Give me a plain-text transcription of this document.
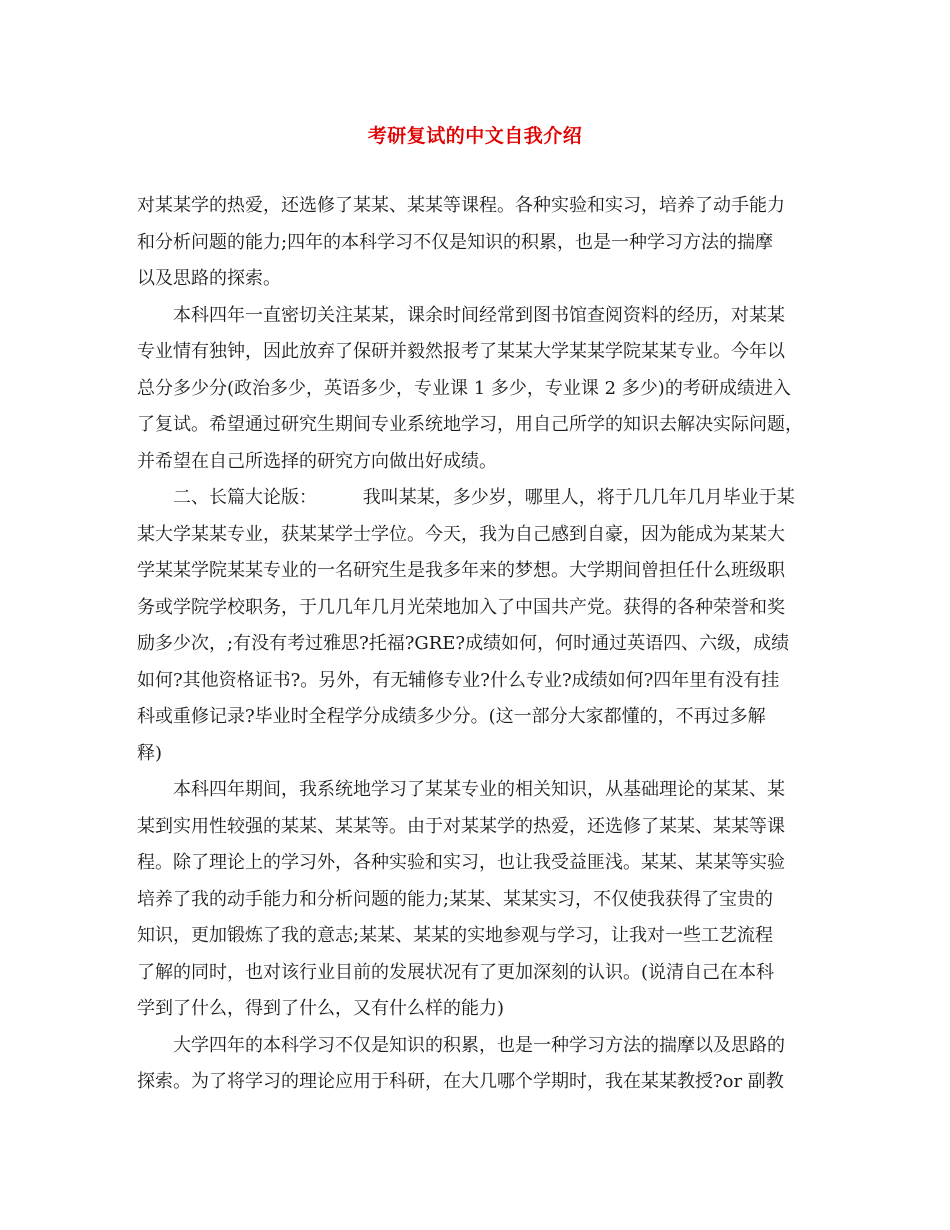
考研复试的中文自我介绍
对某某学的热爱，还选修了某某、某某等课程。各种实验和实习，培养了动手能力
和分析问题的能力;四年的本科学习不仅是知识的积累，也是一种学习方法的揣摩
以及思路的探索。
本科四年一直密切关注某某，课余时间经常到图书馆查阅资料的经历，对某某
专业情有独钟，因此放弃了保研并毅然报考了某某大学某某学院某某专业。今年以
总分多少分(政治多少，英语多少，专业课 1 多少，专业课 2 多少)的考研成绩进入
了复试。希望通过研究生期间专业系统地学习，用自己所学的知识去解决实际问题，
并希望在自己所选择的研究方向做出好成绩。
二、长篇大论版：        我叫某某，多少岁，哪里人，将于几几年几月毕业于某
某大学某某专业，获某某学士学位。今天，我为自己感到自豪，因为能成为某某大
学某某学院某某专业的一名研究生是我多年来的梦想。大学期间曾担任什么班级职
务或学院学校职务，于几几年几月光荣地加入了中国共产党。获得的各种荣誉和奖
励多少次，;有没有考过雅思?托福?GRE?成绩如何，何时通过英语四、六级，成绩
如何?其他资格证书?。另外，有无辅修专业?什么专业?成绩如何?四年里有没有挂
科或重修记录?毕业时全程学分成绩多少分。(这一部分大家都懂的，不再过多解
释)
本科四年期间，我系统地学习了某某专业的相关知识，从基础理论的某某、某
某到实用性较强的某某、某某等。由于对某某学的热爱，还选修了某某、某某等课
程。除了理论上的学习外，各种实验和实习，也让我受益匪浅。某某、某某等实验
培养了我的动手能力和分析问题的能力;某某、某某实习，不仅使我获得了宝贵的
知识，更加锻炼了我的意志;某某、某某的实地参观与学习，让我对一些工艺流程
了解的同时，也对该行业目前的发展状况有了更加深刻的认识。(说清自己在本科
学到了什么，得到了什么，又有什么样的能力)
大学四年的本科学习不仅是知识的积累，也是一种学习方法的揣摩以及思路的
探索。为了将学习的理论应用于科研，在大几哪个学期时，我在某某教授?or 副教
